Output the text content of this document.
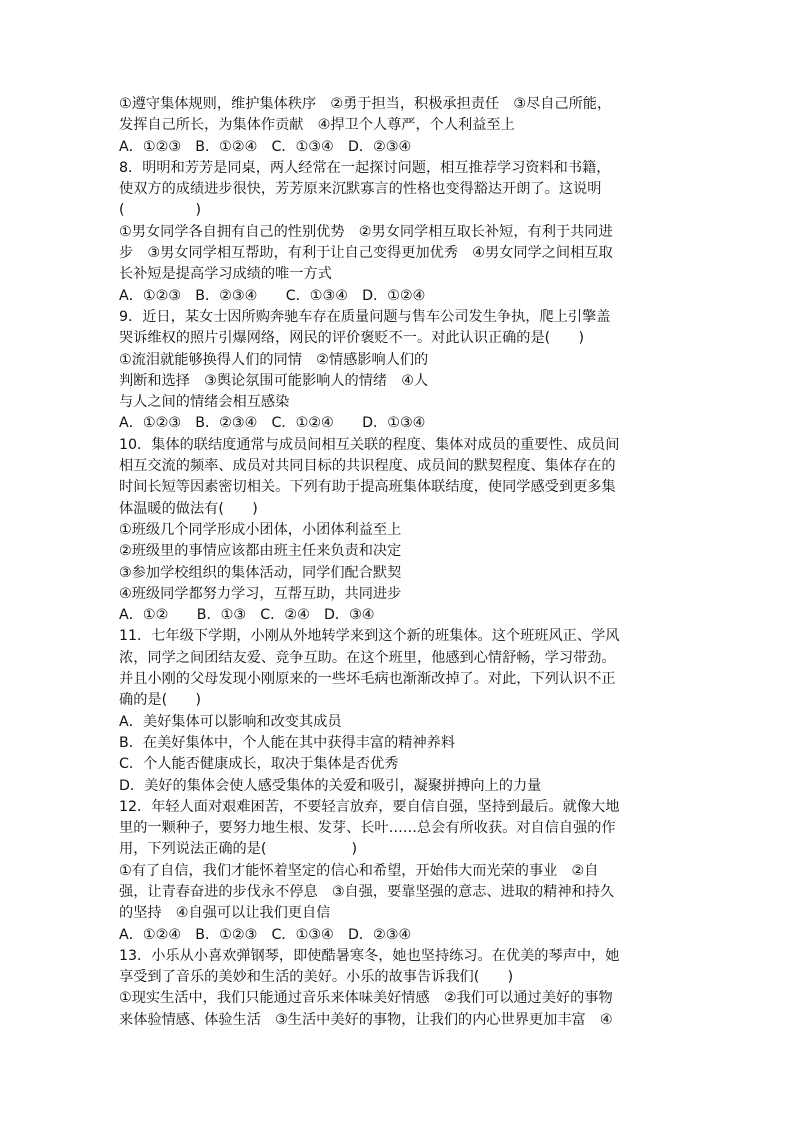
①遵守集体规则，维护集体秩序　②勇于担当，积极承担责任　③尽自己所能，

发挥自己所长，为集体作贡献　④捍卫个人尊严，个人利益至上

A．①②③　B．①②④　C．①③④　D．②③④

8．明明和芳芳是同桌，两人经常在一起探讨问题，相互推荐学习资料和书籍，

使双方的成绩进步很快，芳芳原来沉默寡言的性格也变得豁达开朗了。这说明

(　　　　　)

①男女同学各自拥有自己的性别优势　②男女同学相互取长补短，有利于共同进

步　③男女同学相互帮助，有利于让自己变得更加优秀　④男女同学之间相互取

长补短是提高学习成绩的唯一方式

A．①②③　B．②③④　　C．①③④　D．①②④

9．近日，某女士因所购奔驰车存在质量问题与售车公司发生争执，爬上引擎盖

哭诉维权的照片引爆网络，网民的评价褒贬不一。对此认识正确的是(　　)

①流泪就能够换得人们的同情　②情感影响人们的

判断和选择　③舆论氛围可能影响人的情绪　④人

与人之间的情绪会相互感染

A．①②③　B．②③④　C．①②④　　D．①③④

10．集体的联结度通常与成员间相互关联的程度、集体对成员的重要性、成员间

相互交流的频率、成员对共同目标的共识程度、成员间的默契程度、集体存在的

时间长短等因素密切相关。下列有助于提高班集体联结度，使同学感受到更多集

体温暖的做法有(　　)

①班级几个同学形成小团体，小团体利益至上

②班级里的事情应该都由班主任来负责和决定

③参加学校组织的集体活动，同学们配合默契

④班级同学都努力学习，互帮互助，共同进步

A．①②　　B．①③　C．②④　D．③④

11．七年级下学期，小刚从外地转学来到这个新的班集体。这个班班风正、学风

浓，同学之间团结友爱、竞争互助。在这个班里，他感到心情舒畅，学习带劲。

并且小刚的父母发现小刚原来的一些坏毛病也渐渐改掉了。对此，下列认识不正

确的是(　　)

A．美好集体可以影响和改变其成员

B．在美好集体中，个人能在其中获得丰富的精神养料

C．个人能否健康成长，取决于集体是否优秀

D．美好的集体会使人感受集体的关爱和吸引，凝聚拼搏向上的力量

12．年轻人面对艰难困苦，不要轻言放弃，要自信自强，坚持到最后。就像大地

里的一颗种子，要努力地生根、发芽、长叶……总会有所收获。对自信自强的作

用，下列说法正确的是(　　　　　　)

①有了自信，我们才能怀着坚定的信心和希望，开始伟大而光荣的事业　②自

强，让青春奋进的步伐永不停息　③自强，要靠坚强的意志、进取的精神和持久

的坚持　④自强可以让我们更自信

A．①②④　B．①②③　C．①③④　D．②③④

13．小乐从小喜欢弹钢琴，即使酷暑寒冬，她也坚持练习。在优美的琴声中，她

享受到了音乐的美妙和生活的美好。小乐的故事告诉我们(　　)

①现实生活中，我们只能通过音乐来体味美好情感　②我们可以通过美好的事物

来体验情感、体验生活　③生活中美好的事物，让我们的内心世界更加丰富　④
